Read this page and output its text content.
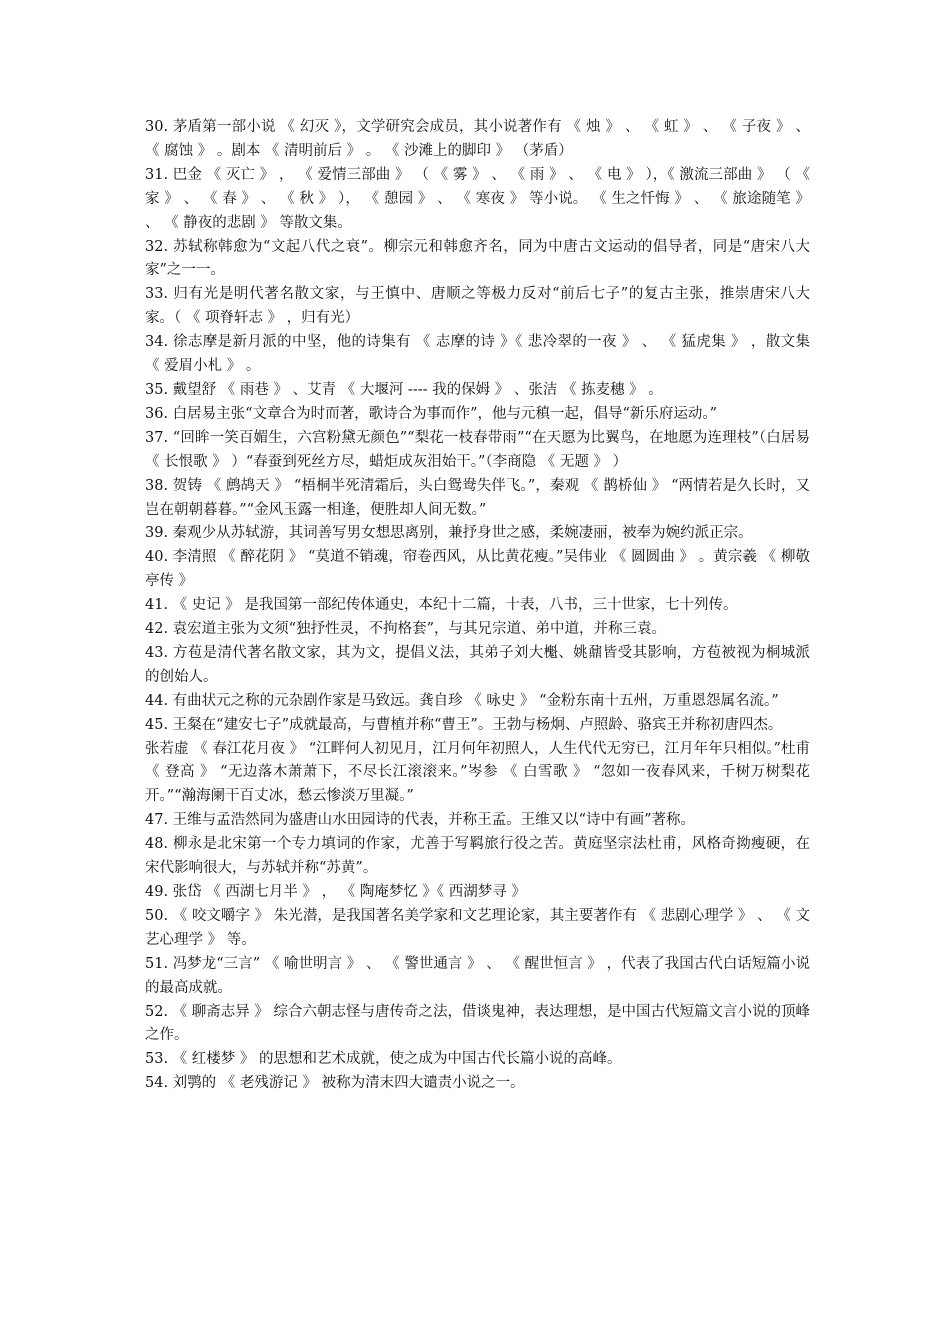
30. 茅盾第一部小说 《 幻灭 》，文学研究会成员，其小说著作有 《 烛 》 、 《 虹 》 、 《 子夜 》 、 《 腐蚀 》 。剧本 《 清明前后 》 。 《 沙滩上的脚印 》 （茅盾）

31. 巴金 《 灭亡 》 ， 《 爱情三部曲 》 （ 《 雾 》 、 《 雨 》 、 《 电 》 ），《 激流三部曲 》 （ 《 家 》 、 《 春 》 、 《 秋 》 ）， 《 憩园 》 、 《 寒夜 》 等小说。 《 生之忏悔 》 、 《 旅途随笔 》 、 《 静夜的悲剧 》 等散文集。

32. 苏轼称韩愈为“文起八代之衰”。柳宗元和韩愈齐名，同为中唐古文运动的倡导者，同是“唐宋八大家”之一一。

33. 归有光是明代著名散文家，与王慎中、唐顺之等极力反对“前后七子”的复古主张，推崇唐宋八大家。（ 《 项脊轩志 》 ，归有光）

34. 徐志摩是新月派的中坚，他的诗集有 《 志摩的诗 》《 悲冷翠的一夜 》 、 《 猛虎集 》 ，散文集 《 爱眉小札 》 。

35. 戴望舒 《 雨巷 》 、艾青 《 大堰河 ---- 我的保姆 》 、张洁 《 拣麦穗 》 。

36. 白居易主张“文章合为时而著，歌诗合为事而作”，他与元稹一起，倡导“新乐府运动。”

37. “回眸一笑百媚生，六宫粉黛无颜色”“梨花一枝春带雨”“在天愿为比翼鸟，在地愿为连理枝”（白居易 《 长恨歌 》 ）“春蚕到死丝方尽，蜡炬成灰泪始干。”（李商隐 《 无题 》 ）

38. 贺铸 《 鹧鸪天 》 “梧桐半死清霜后，头白鸳鸯失伴飞。”，秦观 《 鹊桥仙 》 “两情若是久长时，又岂在朝朝暮暮。”“金风玉露一相逢，便胜却人间无数。”

39. 秦观少从苏轼游，其词善写男女想思离别，兼抒身世之感，柔婉凄丽，被奉为婉约派正宗。

40. 李清照 《 醉花阴 》 “莫道不销魂，帘卷西风，从比黄花瘦。”吴伟业 《 圆圆曲 》 。黄宗羲 《 柳敬亭传 》

41. 《 史记 》 是我国第一部纪传体通史，本纪十二篇，十表，八书，三十世家，七十列传。

42. 袁宏道主张为文须“独抒性灵，不拘格套”，与其兄宗道、弟中道，并称三袁。

43. 方苞是清代著名散文家，其为文，提倡义法，其弟子刘大櫆、姚鼐皆受其影响，方苞被视为桐城派的创始人。

44. 有曲状元之称的元杂剧作家是马致远。龚自珍 《 咏史 》 “金粉东南十五州，万重恩怨属名流。”

45. 王粲在“建安七子”成就最高，与曹植并称“曹王”。王勃与杨炯、卢照龄、骆宾王并称初唐四杰。

张若虚 《 春江花月夜 》 “江畔何人初见月，江月何年初照人，人生代代无穷已，江月年年只相似。”杜甫 《 登高 》 “无边落木萧萧下，不尽长江滚滚来。”岑参 《 白雪歌 》 “忽如一夜春风来，千树万树梨花开。”“瀚海阑干百丈冰，愁云惨淡万里凝。”

47. 王维与孟浩然同为盛唐山水田园诗的代表，并称王孟。王维又以“诗中有画”著称。

48. 柳永是北宋第一个专力填词的作家，尤善于写羁旅行役之苦。黄庭坚宗法杜甫，风格奇拗瘦硬，在宋代影响很大，与苏轼并称“苏黄”。

49. 张岱 《 西湖七月半 》 ， 《 陶庵梦忆 》《 西湖梦寻 》

50. 《 咬文嚼字 》 朱光潜，是我国著名美学家和文艺理论家，其主要著作有 《 悲剧心理学 》 、 《 文艺心理学 》 等。

51. 冯梦龙“三言” 《 喻世明言 》 、 《 警世通言 》 、 《 醒世恒言 》 ，代表了我国古代白话短篇小说的最高成就。

52. 《 聊斋志异 》 综合六朝志怪与唐传奇之法，借谈鬼神，表达理想，是中国古代短篇文言小说的顶峰之作。

53. 《 红楼梦 》 的思想和艺术成就，使之成为中国古代长篇小说的高峰。

54. 刘鹗的 《 老残游记 》 被称为清末四大谴责小说之一。
